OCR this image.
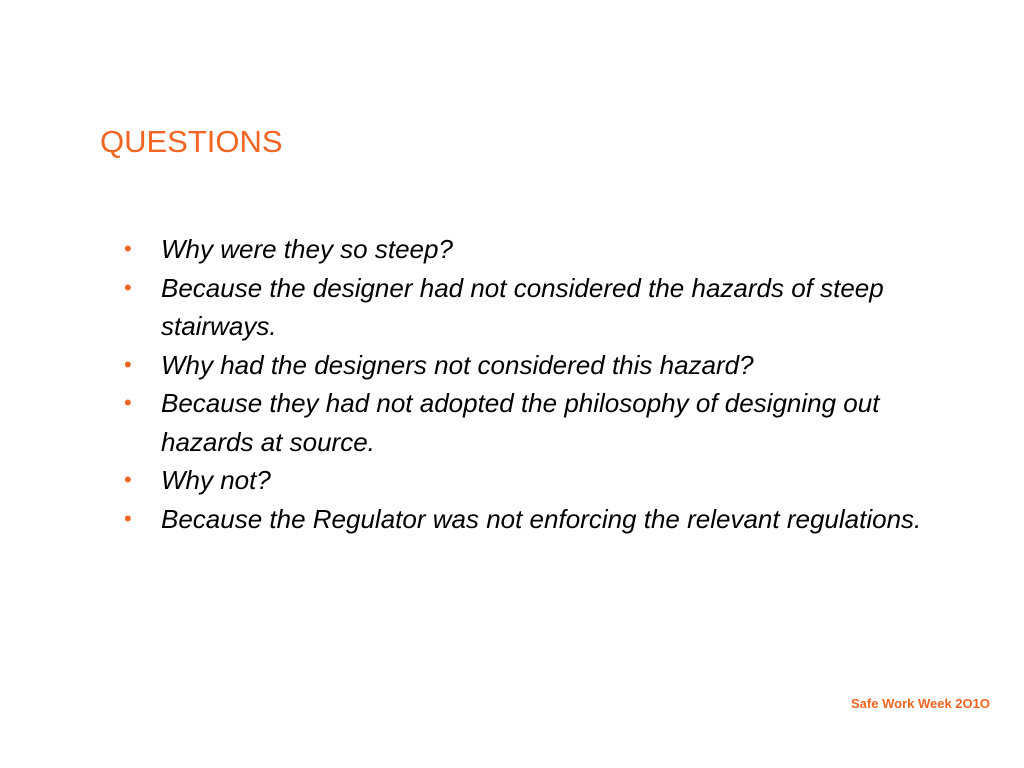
QUESTIONS
• Why were they so steep?
• Because the designer had not considered the hazards of steep stairways.
• Why had the designers not considered this hazard?
• Because they had not adopted the philosophy of designing out hazards at source.
• Why not?
• Because the Regulator was not enforcing the relevant regulations.
Safe Work Week 2O1O
